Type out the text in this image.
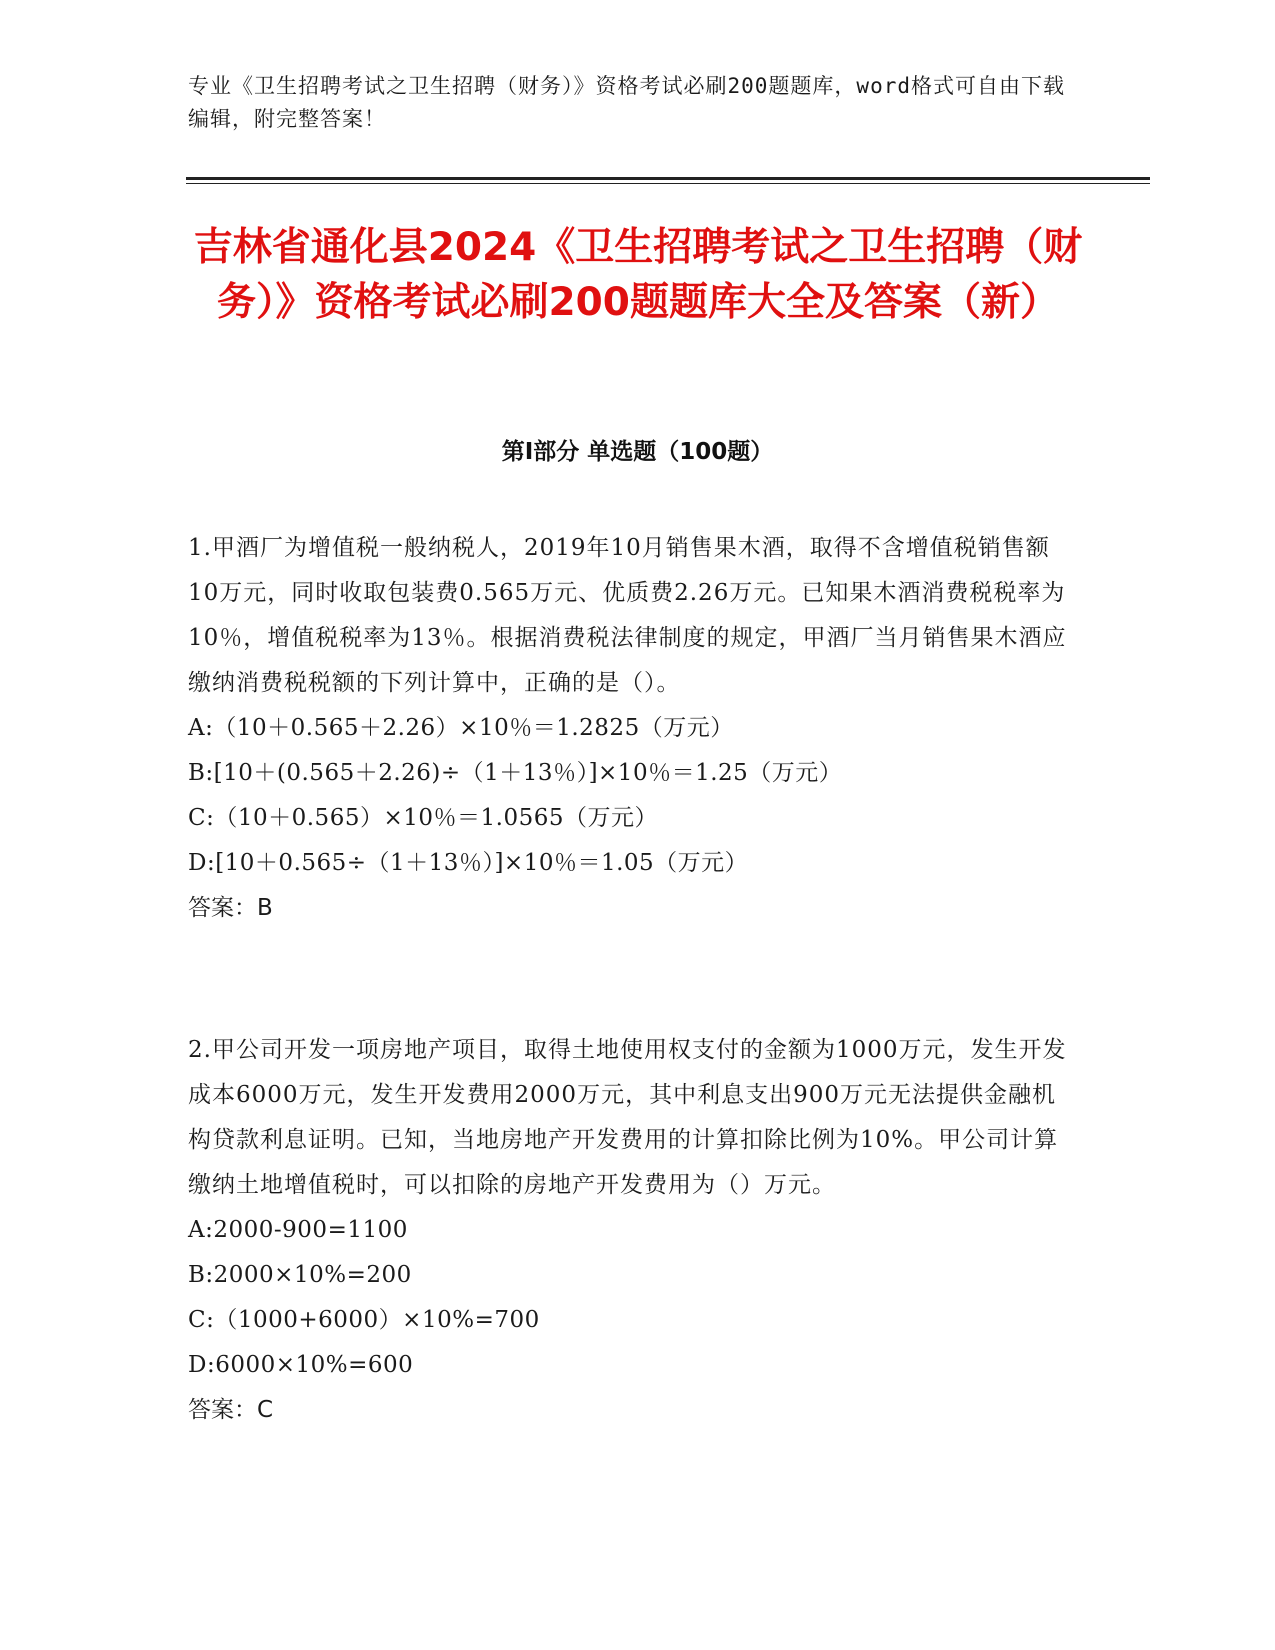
专业《卫生招聘考试之卫生招聘（财务）》资格考试必刷200题题库，word格式可自由下载编辑，附完整答案！
吉林省通化县2024《卫生招聘考试之卫生招聘（财务）》资格考试必刷200题题库大全及答案（新）
第Ⅰ部分 单选题（100题）
1.甲酒厂为增值税一般纳税人，2019年10月销售果木酒，取得不含增值税销售额10万元，同时收取包装费0.565万元、优质费2.26万元。已知果木酒消费税税率为10％，增值税税率为13％。根据消费税法律制度的规定，甲酒厂当月销售果木酒应缴纳消费税税额的下列计算中，正确的是（）。
A:（10＋0.565＋2.26）×10％＝1.2825（万元）
B:[10＋(0.565＋2.26)÷（1＋13％）]×10％＝1.25（万元）
C:（10＋0.565）×10％＝1.0565（万元）
D:[10＋0.565÷（1＋13％）]×10％＝1.05（万元）
答案：B
2.甲公司开发一项房地产项目，取得土地使用权支付的金额为1000万元，发生开发成本6000万元，发生开发费用2000万元，其中利息支出900万元无法提供金融机构贷款利息证明。已知，当地房地产开发费用的计算扣除比例为10%。甲公司计算缴纳土地增值税时，可以扣除的房地产开发费用为（）万元。
A:2000-900=1100
B:2000×10%=200
C:（1000+6000）×10%=700
D:6000×10%=600
答案：C
